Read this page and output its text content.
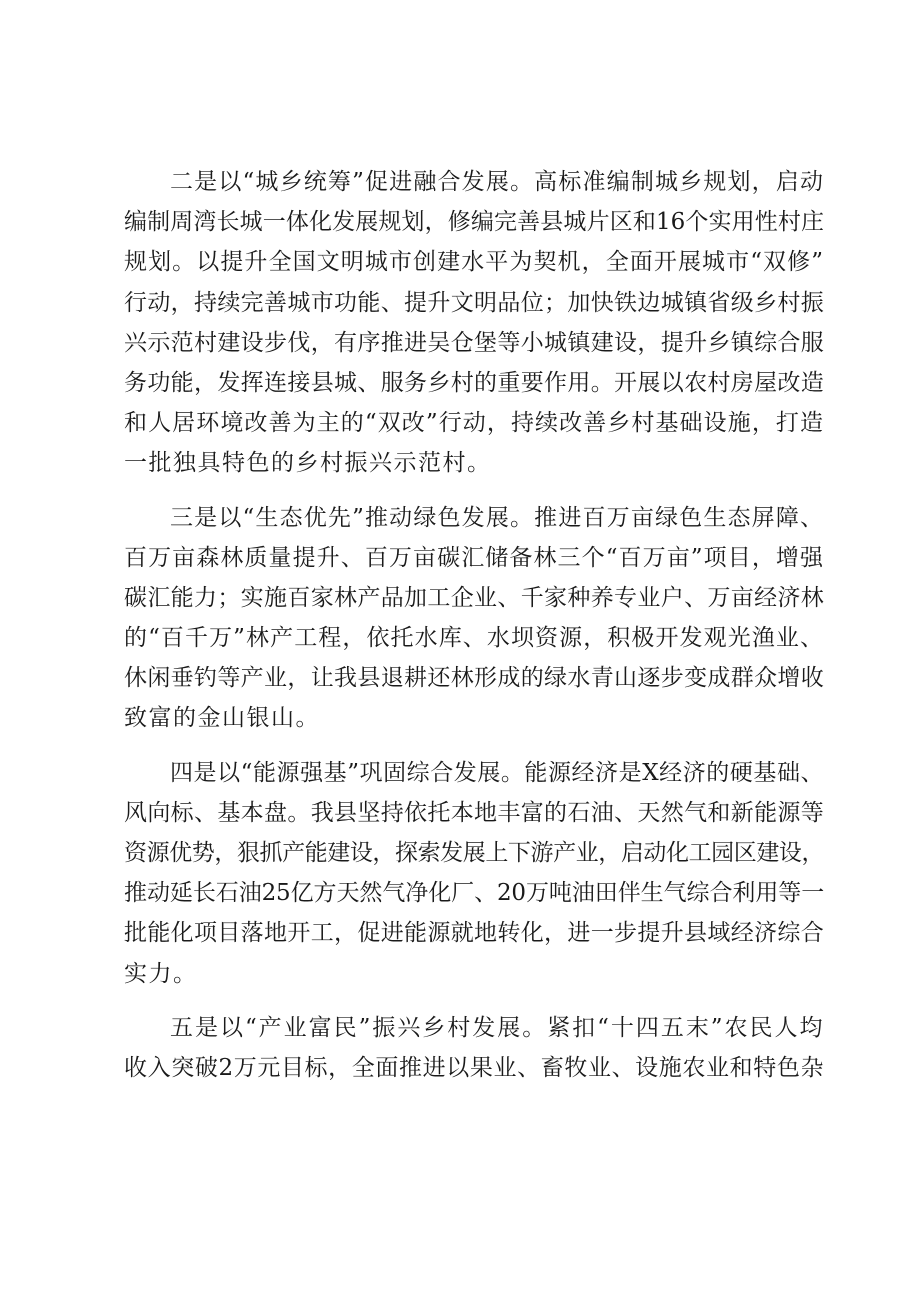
二是以“城乡统筹”促进融合发展。高标准编制城乡规划，启动
编制周湾长城一体化发展规划，修编完善县城片区和16个实用性村庄
规划。以提升全国文明城市创建水平为契机，全面开展城市“双修”
行动，持续完善城市功能、提升文明品位；加快铁边城镇省级乡村振
兴示范村建设步伐，有序推进吴仓堡等小城镇建设，提升乡镇综合服
务功能，发挥连接县城、服务乡村的重要作用。开展以农村房屋改造
和人居环境改善为主的“双改”行动，持续改善乡村基础设施，打造
一批独具特色的乡村振兴示范村。
三是以“生态优先”推动绿色发展。推进百万亩绿色生态屏障、
百万亩森林质量提升、百万亩碳汇储备林三个“百万亩”项目，增强
碳汇能力；实施百家林产品加工企业、千家种养专业户、万亩经济林
的“百千万”林产工程，依托水库、水坝资源，积极开发观光渔业、
休闲垂钓等产业，让我县退耕还林形成的绿水青山逐步变成群众增收
致富的金山银山。
四是以“能源强基”巩固综合发展。能源经济是X经济的硬基础、
风向标、基本盘。我县坚持依托本地丰富的石油、天然气和新能源等
资源优势，狠抓产能建设，探索发展上下游产业，启动化工园区建设，
推动延长石油25亿方天然气净化厂、20万吨油田伴生气综合利用等一
批能化项目落地开工，促进能源就地转化，进一步提升县域经济综合
实力。
五是以“产业富民”振兴乡村发展。紧扣“十四五末”农民人均
收入突破2万元目标，全面推进以果业、畜牧业、设施农业和特色杂
